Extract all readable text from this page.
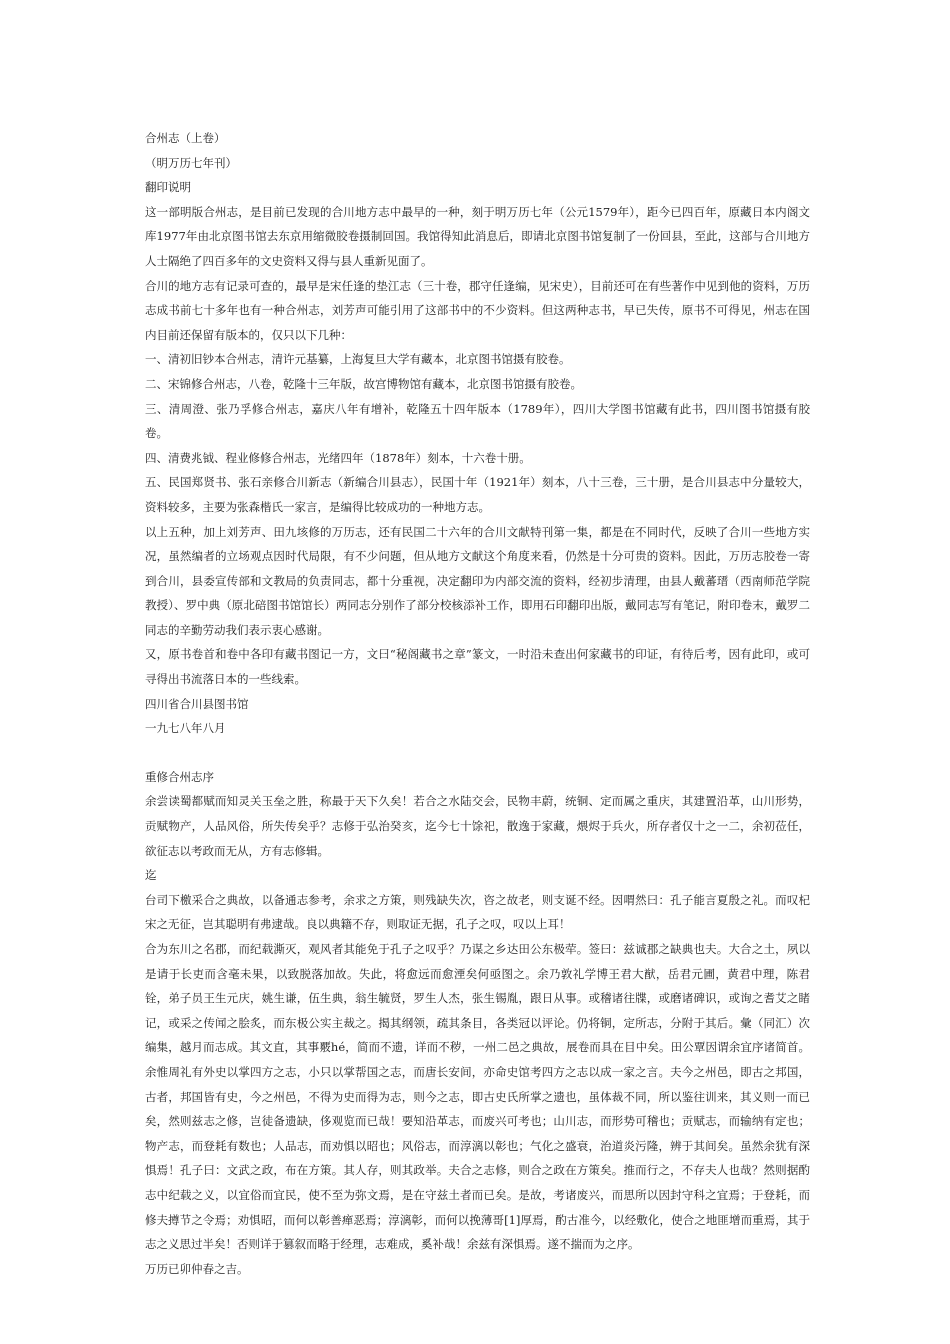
合州志（上卷）

（明万历七年刊）

翻印说明

这一部明版合州志，是目前已发现的合川地方志中最早的一种，刻于明万历七年（公元1579年），距今已四百年，原藏日本内阁文库1977年由北京图书馆去东京用缩微胶卷摄制回国。我馆得知此消息后，即请北京图书馆复制了一份回县，至此，这部与合川地方人士隔绝了四百多年的文史资料又得与县人重新见面了。

合川的地方志有记录可查的，最早是宋任逢的垫江志（三十卷，郡守任逢编，见宋史），目前还可在有些著作中见到他的资料，万历志成书前七十多年也有一种合州志，刘芳声可能引用了这部书中的不少资料。但这两种志书，早已失传，原书不可得见，州志在国内目前还保留有版本的，仅只以下几种：

一、清初旧钞本合州志，清许元基纂，上海复旦大学有藏本，北京图书馆摄有胶卷。

二、宋锦修合州志，八卷，乾隆十三年版，故宫博物馆有藏本，北京图书馆摄有胶卷。

三、清周澄、张乃孚修合州志，嘉庆八年有增补，乾隆五十四年版本（1789年），四川大学图书馆藏有此书，四川图书馆摄有胶卷。

四、清费兆钺、程业修修合州志，光绪四年（1878年）刻本，十六卷十册。

五、民国郑贤书、张石亲修合川新志（新编合川县志），民国十年（1921年）刻本，八十三卷，三十册，是合川县志中分量较大，资料较多，主要为张森楷氏一家言，是编得比较成功的一种地方志。

以上五种，加上刘芳声、田九垓修的万历志，还有民国二十六年的合川文献特刊第一集，都是在不同时代，反映了合川一些地方实况，虽然编者的立场观点因时代局限，有不少问题，但从地方文献这个角度来看，仍然是十分可贵的资料。因此，万历志胶卷一寄到合川，县委宣传部和文教局的负责同志，都十分重视，决定翻印为内部交流的资料，经初步清理，由县人戴蕃瑨（西南师范学院教授）、罗中典（原北碚图书馆馆长）两同志分别作了部分校核添补工作，即用石印翻印出版，戴同志写有笔记，附印卷末，戴罗二同志的辛勤劳动我们表示衷心感谢。

又，原书卷首和卷中各印有藏书图记一方，文曰“秘阁藏书之章”篆文，一时沿未查出何家藏书的印证，有待后考，因有此印，或可寻得出书流落日本的一些线索。

四川省合川县图书馆

一九七八年八月

重修合州志序

余尝读蜀都赋而知灵关玉垒之胜，称最于天下久矣！若合之水陆交会，民物丰蔚，统铜、定而属之重庆，其建置沿革，山川形势，贡赋物产，人品风俗，所失传矣乎？志修于弘治癸亥，迄今七十馀祀，散逸于家藏，煨烬于兵火，所存者仅十之一二，余初莅任，欲征志以考政而无从，方有志修辑。

迄

台司下檄采合之典故，以备通志参考，余求之方策，则残缺失次，咨之故老，则支诞不经。因喟然曰：孔子能言夏殷之礼。而叹杞宋之无征，岂其聪明有弗逮哉。良以典籍不存，则取证无据，孔子之叹，叹以上耳！

合为东川之名郡，而纪载澌灭，观风者其能免于孔子之叹乎？乃谋之乡达田公东极荦。签曰：兹诚郡之缺典也夫。大合之土，夙以是请于长吏而含毫未果，以致脱落加故。失此，将愈远而愈湮矣何亟图之。余乃敦礼学博王君大猷，岳君元圃，黄君中理，陈君铨，弟子员王生元庆，姚生谦，伍生典，翁生毓贤，罗生人杰，张生锡胤，跟日从事。或稽诸往牒，或磨诸碑识，或询之耆艾之睹记，或采之传闻之脍炙，而东极公实主裁之。揭其纲领，疏其条目，各类冠以评论。仍将铜，定所志，分附于其后。彙（同汇）次编集，越月而志成。其文直，其事覈hé，简而不遗，详而不秽，一州二邑之典故，展卷而具在目中矣。田公覃因谓余宜序诸简首。余惟周礼有外史以掌四方之志，小只以掌帮国之志，而唐长安间，亦命史馆考四方之志以成一家之言。夫今之州邑，即古之邦国，古者，邦国皆有史，今之州邑，不得为史而得为志，则今之志，即古史氏所掌之遗也，虽体裁不同，所以鉴往训来，其义则一而已矣，然则兹志之修，岂徒备遗缺，侈观览而已哉！要知沿革志，而废兴可考也；山川志，而形势可稽也；贡赋志，而输纳有定也；物产志，而登耗有数也；人品志，而劝惧以昭也；风俗志，而淳漓以彰也；气化之盛衰，治道炎污隆，辨于其间矣。虽然余犹有深惧焉！孔子曰：文武之政，布在方策。其人存，则其政举。夫合之志修，则合之政在方策矣。推而行之，不存夫人也哉？然则据酌志中纪载之义，以宜俗而宜民，使不至为弥文焉，是在守兹土者而已矣。是故，考诸废兴，而思所以因封守科之宜焉；于登耗，而修夫撙节之令焉；劝惧昭，而何以彰善瘅恶焉；淳漓彰，而何以挽薄哥[1]厚焉，酌古准今，以经敷化，使合之地匪增而重焉，其于志之义思过半矣！否则详于篡叙而略于经理，志难成，奚补哉！余兹有深惧焉。遂不揣而为之序。

万历已卯仲春之吉。
